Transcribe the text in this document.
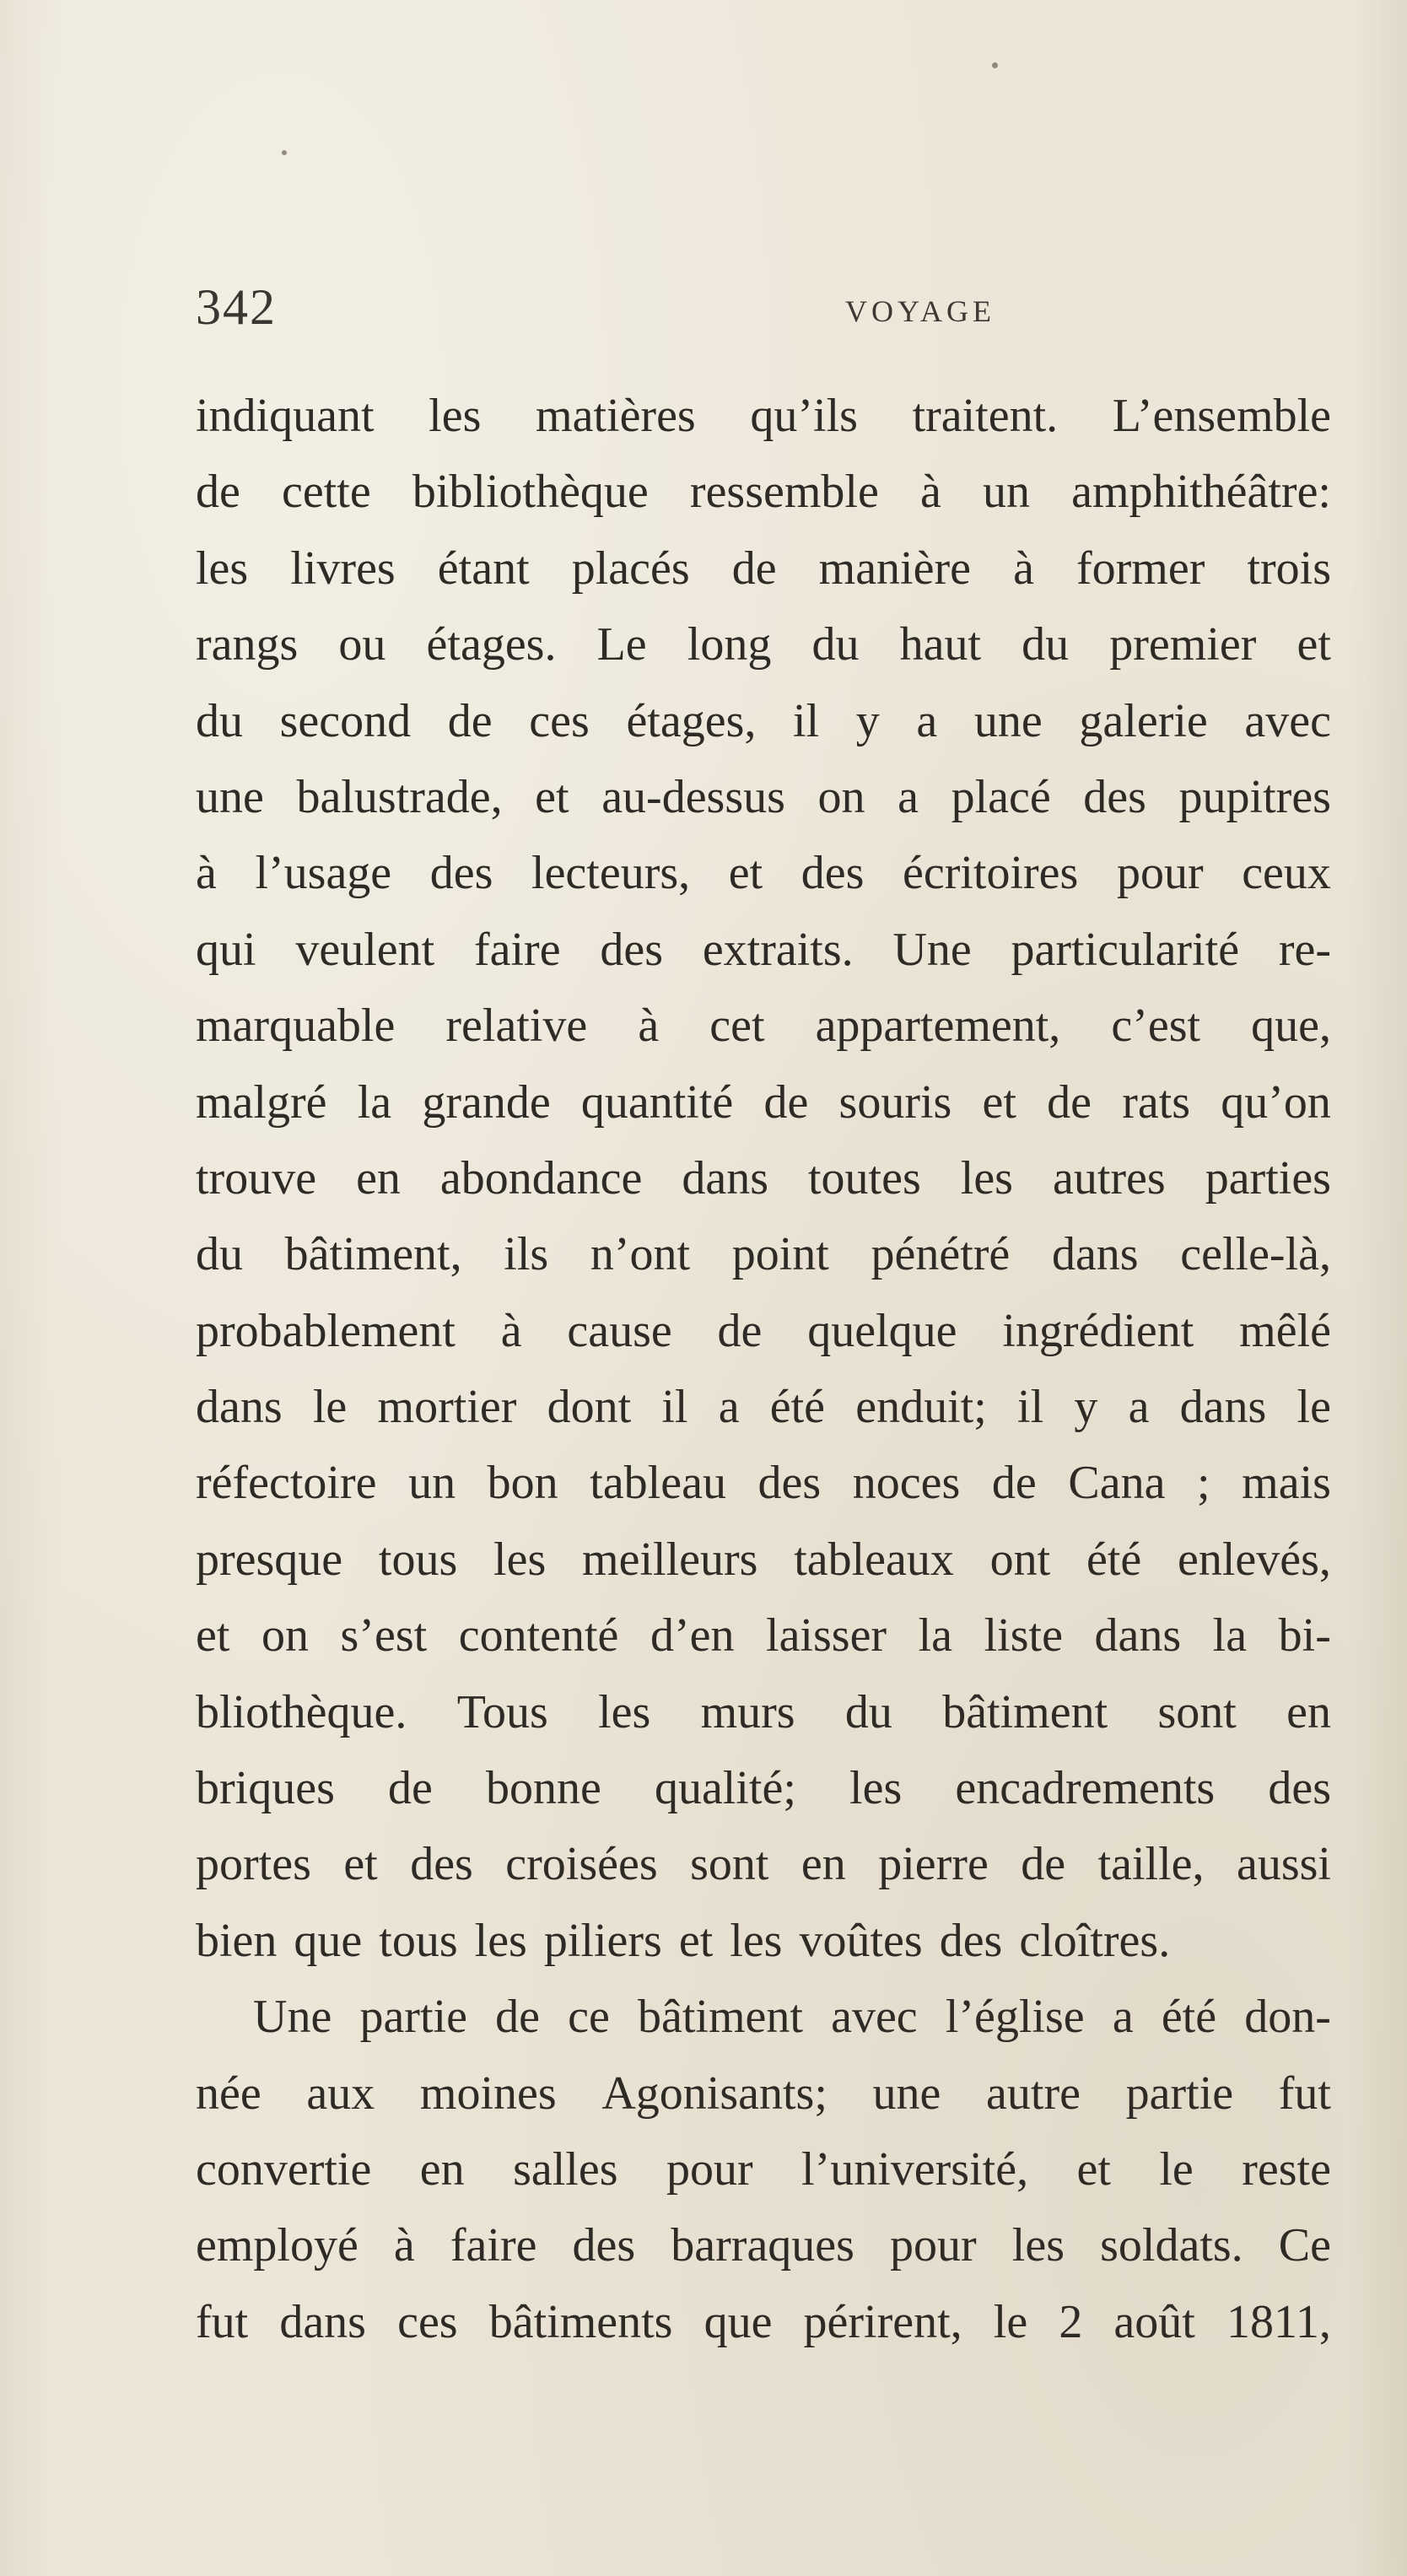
342	VOYAGE
indiquant les matières qu’ils traitent. L’ensemble
de cette bibliothèque ressemble à un amphithéâtre:
les livres étant placés de manière à former trois
rangs ou étages. Le long du haut du premier et
du second de ces étages, il y a une galerie avec
une balustrade, et au-dessus on a placé des pupitres
à l’usage des lecteurs, et des écritoires pour ceux
qui veulent faire des extraits. Une particularité re-
marquable relative à cet appartement, c’est que,
malgré la grande quantité de souris et de rats qu’on
trouve en abondance dans toutes les autres parties
du bâtiment, ils n’ont point pénétré dans celle-là,
probablement à cause de quelque ingrédient mêlé
dans le mortier dont il a été enduit; il y a dans le
réfectoire un bon tableau des noces de Cana ; mais
presque tous les meilleurs tableaux ont été enlevés,
et on s’est contenté d’en laisser la liste dans la bi-
bliothèque. Tous les murs du bâtiment sont en
briques de bonne qualité; les encadrements des
portes et des croisées sont en pierre de taille, aussi
bien que tous les piliers et les voûtes des cloîtres.
Une partie de ce bâtiment avec l’église a été don-
née aux moines Agonisants; une autre partie fut
convertie en salles pour l’université, et le reste
employé à faire des barraques pour les soldats. Ce
fut dans ces bâtiments que périrent, le 2 août 1811,
